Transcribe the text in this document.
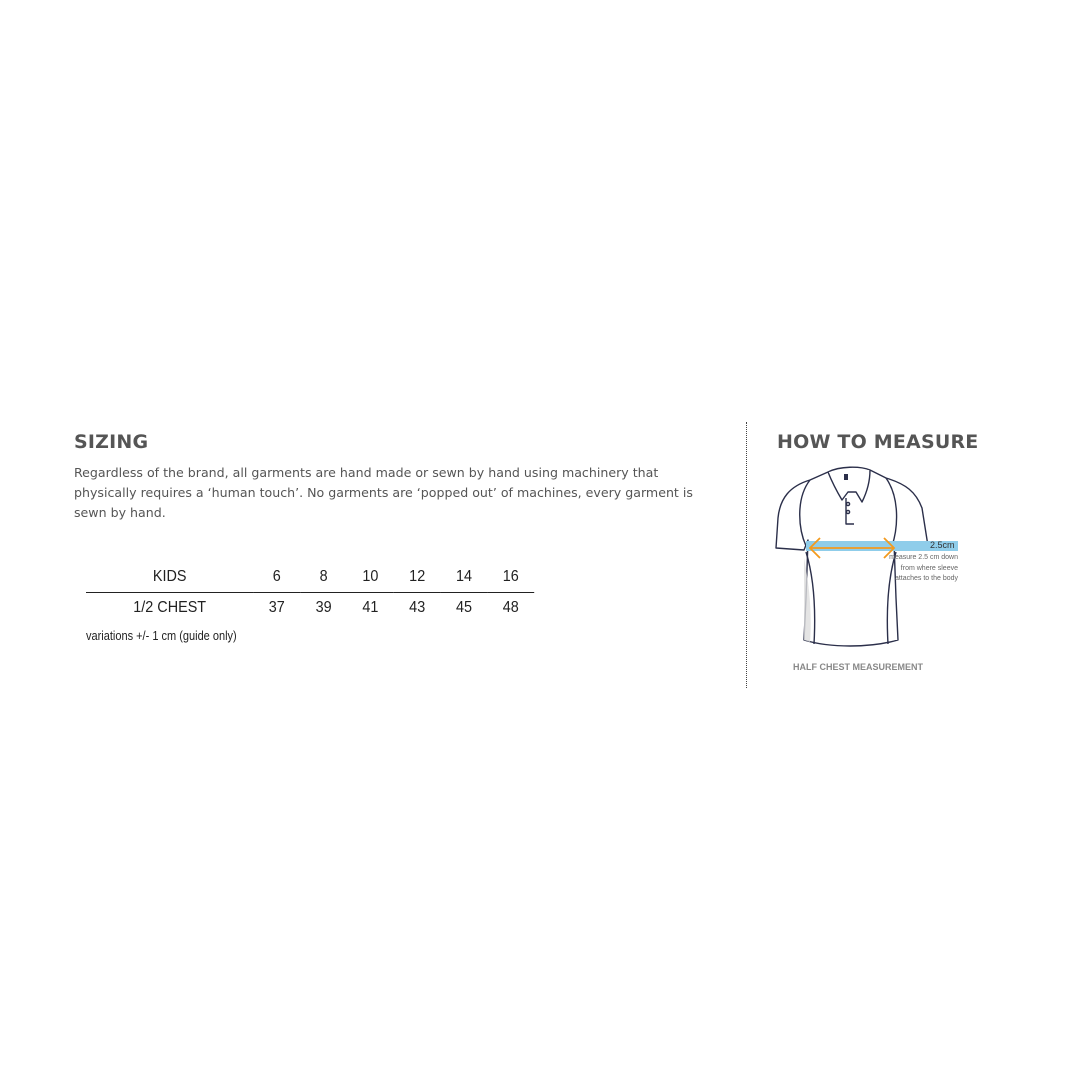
SIZING
Regardless of the brand, all garments are hand made or sewn by hand using machinery that physically requires a ‘human touch’. No garments are ‘popped out’ of machines, every garment is sewn by hand.
KIDS	6	8	10	12	14	16
1/2 CHEST	37	39	41	43	45	48
variations +/- 1 cm (guide only)
HOW TO MEASURE
2.5cm
measure 2.5 cm down from where sleeve attaches to the body
HALF CHEST MEASUREMENT
